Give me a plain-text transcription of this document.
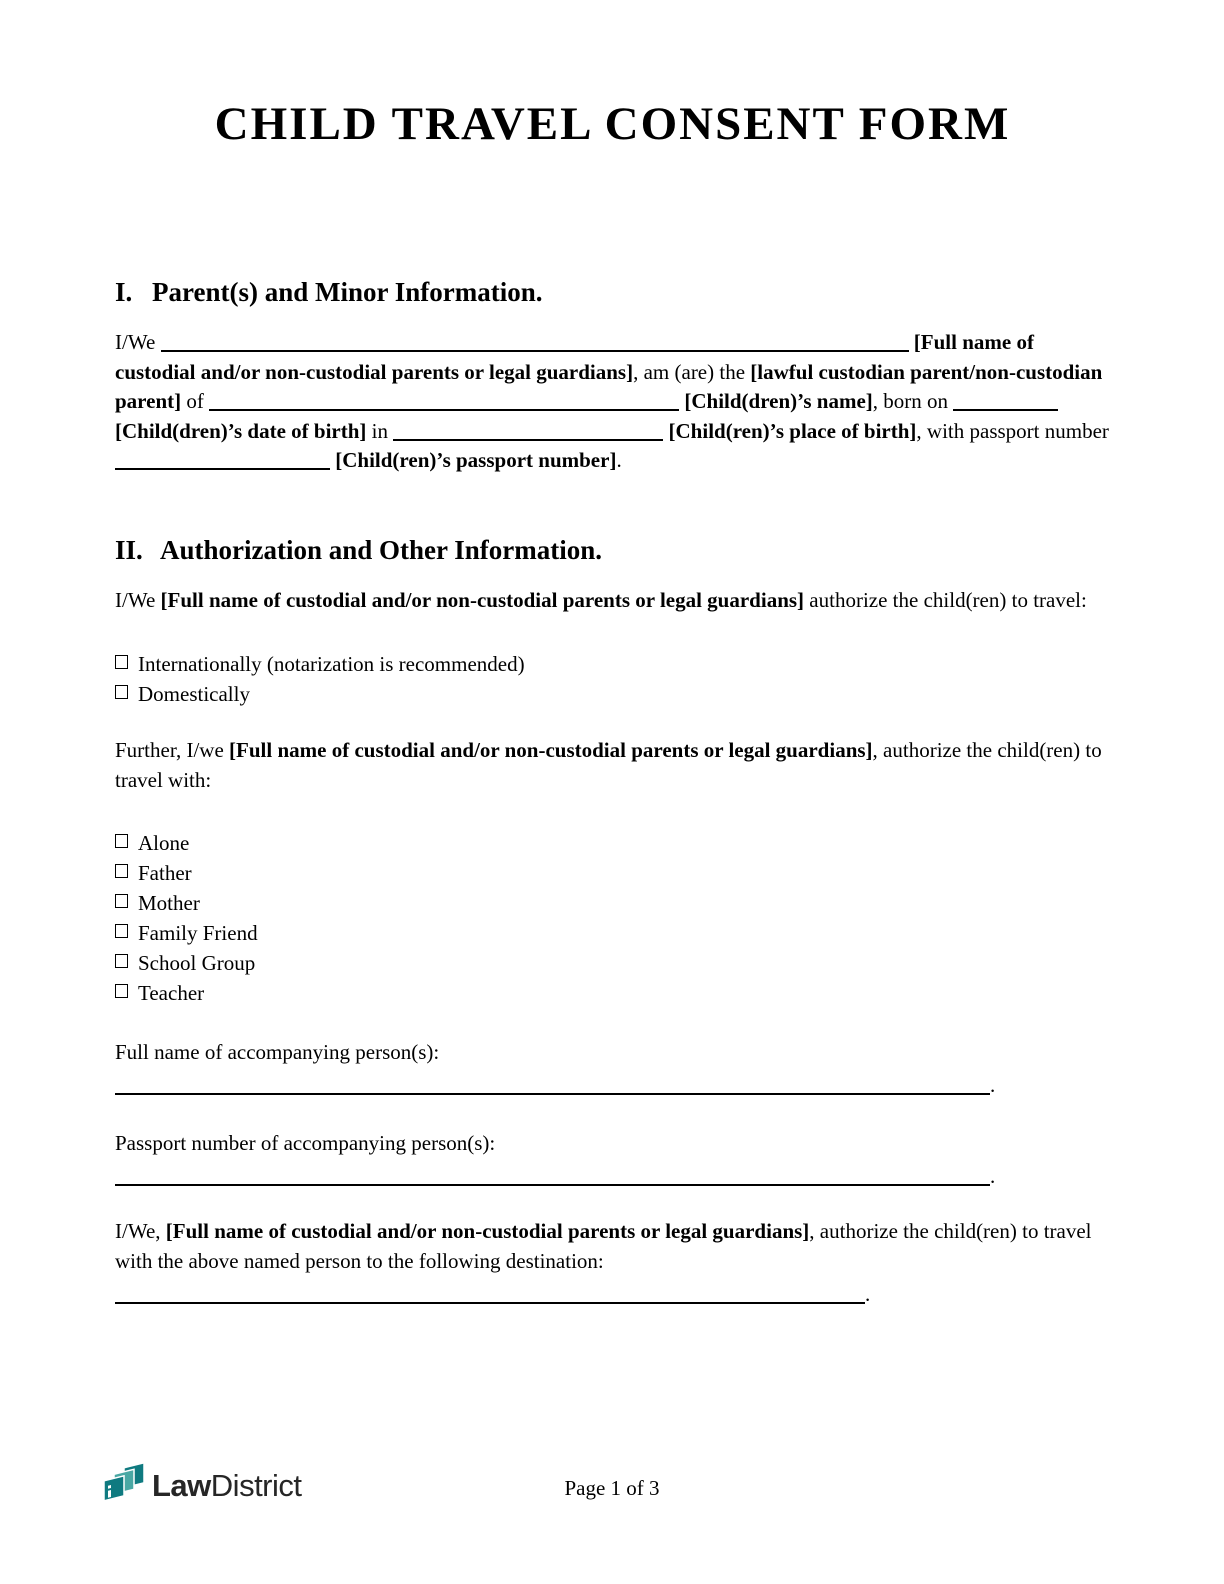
CHILD TRAVEL CONSENT FORM
I. Parent(s) and Minor Information.

I/We	[Full name of custodial and/or non-custodial parents or legal guardians], am (are) the [lawful custodian parent/non-custodian parent] of	[Child(dren)’s name], born on  [Child(dren)’s date of birth] in	[Child(ren)’s place of birth], with passport number  [Child(ren)’s passport number].

II. Authorization and Other Information.

I/We [Full name of custodial and/or non-custodial parents or legal guardians] authorize the child(ren) to travel:

Internationally (notarization is recommended)
Domestically

Further, I/we [Full name of custodial and/or non-custodial parents or legal guardians], authorize the child(ren) to travel with:

Alone
Father
Mother
Family Friend
School Group
Teacher

Full name of accompanying person(s):

.

Passport number of accompanying person(s):

.

I/We, [Full name of custodial and/or non-custodial parents or legal guardians], authorize the child(ren) to travel with the above named person to the following destination:

.
LawDistrict	Page 1 of 3
